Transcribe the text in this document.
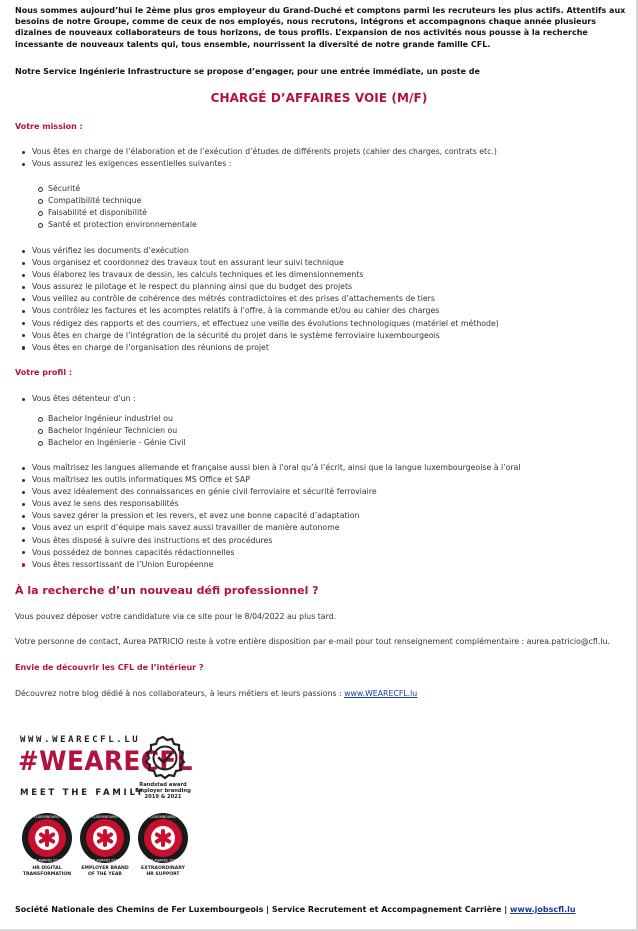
Nous sommes aujourd’hui le 2ème plus gros employeur du Grand-Duché et comptons parmi les recruteurs les plus actifs. Attentifs aux besoins de notre Groupe, comme de ceux de nos employés, nous recrutons, intégrons et accompagnons chaque année plusieurs dizaines de nouveaux collaborateurs de tous horizons, de tous profils. L’expansion de nos activités nous pousse à la recherche incessante de nouveaux talents qui, tous ensemble, nourrissent la diversité de notre grande famille CFL.
Notre Service Ingénierie Infrastructure se propose d’engager, pour une entrée immédiate, un poste de
CHARGÉ D’AFFAIRES VOIE (M/F)
Votre mission :
Vous êtes en charge de l’élaboration et de l’exécution d’études de différents projets (cahier des charges, contrats etc.)
Vous assurez les exigences essentielles suivantes :
Sécurité
Compatibilité technique
Faisabilité et disponibilité
Santé et protection environnementale
Vous vérifiez les documents d’exécution
Vous organisez et coordonnez des travaux tout en assurant leur suivi technique
Vous élaborez les travaux de dessin, les calculs techniques et les dimensionnements
Vous assurez le pilotage et le respect du planning ainsi que du budget des projets
Vous veillez au contrôle de cohérence des métrés contradictoires et des prises d’attachements de tiers
Vous contrôlez les factures et les acomptes relatifs à l’offre, à la commande et/ou au cahier des charges
Vous rédigez des rapports et des courriers, et effectuez une veille des évolutions technologiques (matériel et méthode)
Vous êtes en charge de l’intégration de la sécurité du projet dans le système ferroviaire luxembourgeois
Vous êtes en charge de l’organisation des réunions de projet
Votre profil :
Vous êtes détenteur d’un :
Bachelor Ingénieur industriel ou
Bachelor Ingénieur Technicien ou
Bachelor en Ingénierie - Génie Civil
Vous maîtrisez les langues allemande et française aussi bien à l’oral qu’à l’écrit, ainsi que la langue luxembourgeoise à l’oral
Vous maîtrisez les outils informatiques MS Office et SAP
Vous avez idéalement des connaissances en génie civil ferroviaire et sécurité ferroviaire
Vous avez le sens des responsabilités
Vous savez gérer la pression et les revers, et avez une bonne capacité d’adaptation
Vous avez un esprit d’équipe mais savez aussi travailler de manière autonome
Vous êtes disposé à suivre des instructions et des procédures
Vous possédez de bonnes capacités rédactionnelles
Vous êtes ressortissant de l’Union Européenne
À la recherche d’un nouveau défi professionnel ?
Vous pouvez déposer votre candidature via ce site pour le 8/04/2022 au plus tard.
Votre personne de contact, Aurea PATRICIO reste à votre entière disposition par e-mail pour tout renseignement complémentaire : aurea.patricio@cfl.lu.
Envie de découvrir les CFL de l’intérieur ?
Découvrez notre blog dédié à nos collaborateurs, à leurs métiers et leurs passions : www.WEARECFL.lu
WWW.WEARECFL.LU
#WEARECFL
MEET THE FAMILY
Randstad award
Employer branding
2019 & 2021
LUXEMBOURG
HR AWARDS 2021
HR DIGITAL
TRANSFORMATION
LUXEMBOURG
HR AWARDS 2021
EMPLOYER BRAND
OF THE YEAR
LUXEMBOURG
HR AWARDS 2021
EXTRAORDINARY
HR SUPPORT
Société Nationale des Chemins de Fer Luxembourgeois | Service Recrutement et Accompagnement Carrière | www.jobscfl.lu
